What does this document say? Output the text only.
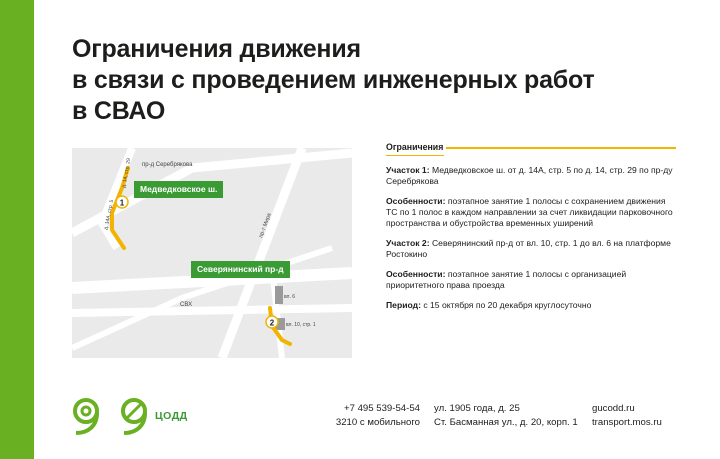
Ограничения движения
в связи с проведением инженерных работ
в СВАО
1
2
пр-д Серебрякова
СВХ
пр-т Мира
д. 14А, стр. 5
д. 14, стр. 29
вл. 6
вл. 10, стр. 1
Медведковское ш.
Северянинский пр-д
Ограничения

Участок 1: Медведковское ш. от д. 14А, стр. 5 по д. 14, стр. 29 по пр-ду Серебрякова

Особенности: поэтапное занятие 1 полосы с сохранением движения ТС по 1 полос в каждом направлении за счет ликвидации парковочного пространства и обустройства временных уширений

Участок 2: Северянинский пр-д от вл. 10, стр. 1 до вл. 6 на платформе Ростокино

Особенности: поэтапное занятие 1 полосы с организацией приоритетного права проезда

Период: с 15 октября по 20 декабря круглосуточно

ЦОДД
+7 495 539-54-54
3210 с мобильного
ул. 1905 года, д. 25
Ст. Басманная ул., д. 20, корп. 1
gucodd.ru
transport.mos.ru
